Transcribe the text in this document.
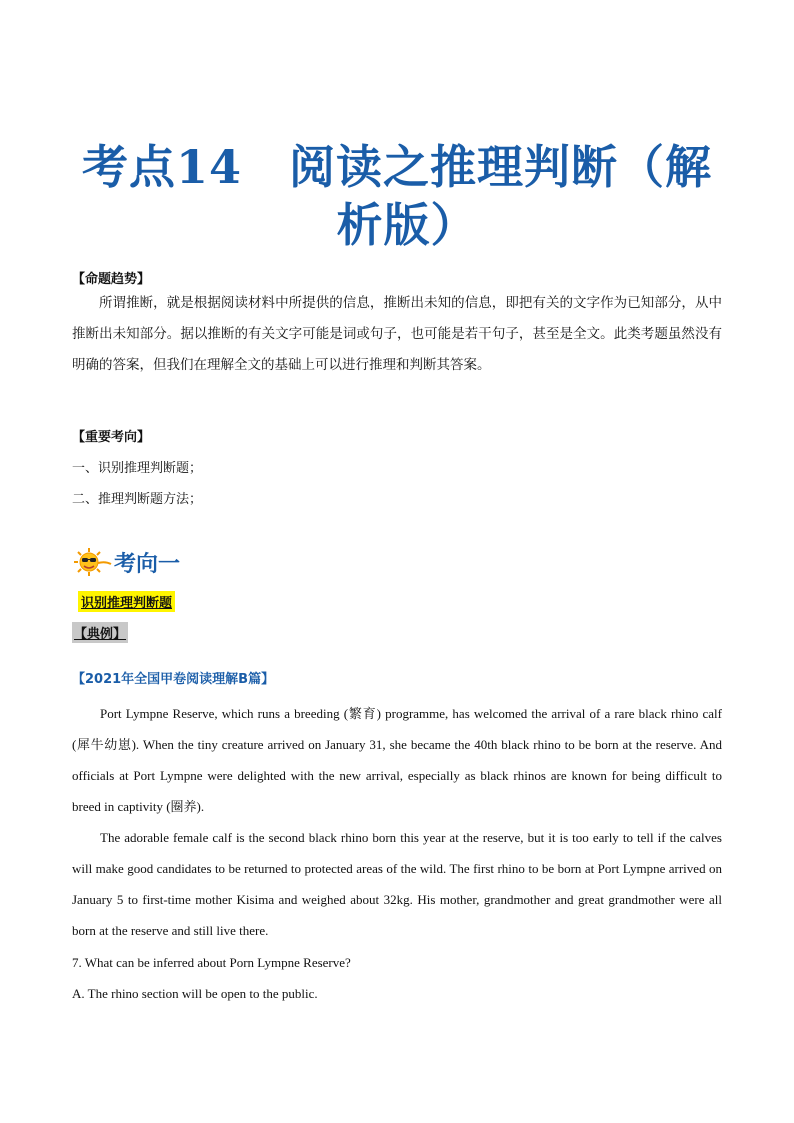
考点14　阅读之推理判断（解
析版）
【命题趋势】
所谓推断，就是根据阅读材料中所提供的信息，推断出未知的信息，即把有关的文字作为已知部分，从中推断出未知部分。据以推断的有关文字可能是词或句子，也可能是若干句子，甚至是全文。此类考题虽然没有明确的答案，但我们在理解全文的基础上可以进行推理和判断其答案。
【重要考向】
一、识别推理判断题；
二、推理判断题方法；
考向一
识别推理判断题
【典例】
【2021年全国甲卷阅读理解B篇】
Port Lympne Reserve, which runs a breeding (繁育) programme, has welcomed the arrival of a rare black rhino calf (犀牛幼崽). When the tiny creature arrived on January 31, she became the 40th black rhino to be born at the reserve. And officials at Port Lympne were delighted with the new arrival, especially as black rhinos are known for being difficult to breed in captivity (圈养).
The adorable female calf is the second black rhino born this year at the reserve, but it is too early to tell if the calves will make good candidates to be returned to protected areas of the wild. The first rhino to be born at Port Lympne arrived on January 5 to first-time mother Kisima and weighed about 32kg. His mother, grandmother and great grandmother were all born at the reserve and still live there.
7. What can be inferred about Porn Lympne Reserve?
A. The rhino section will be open to the public.
